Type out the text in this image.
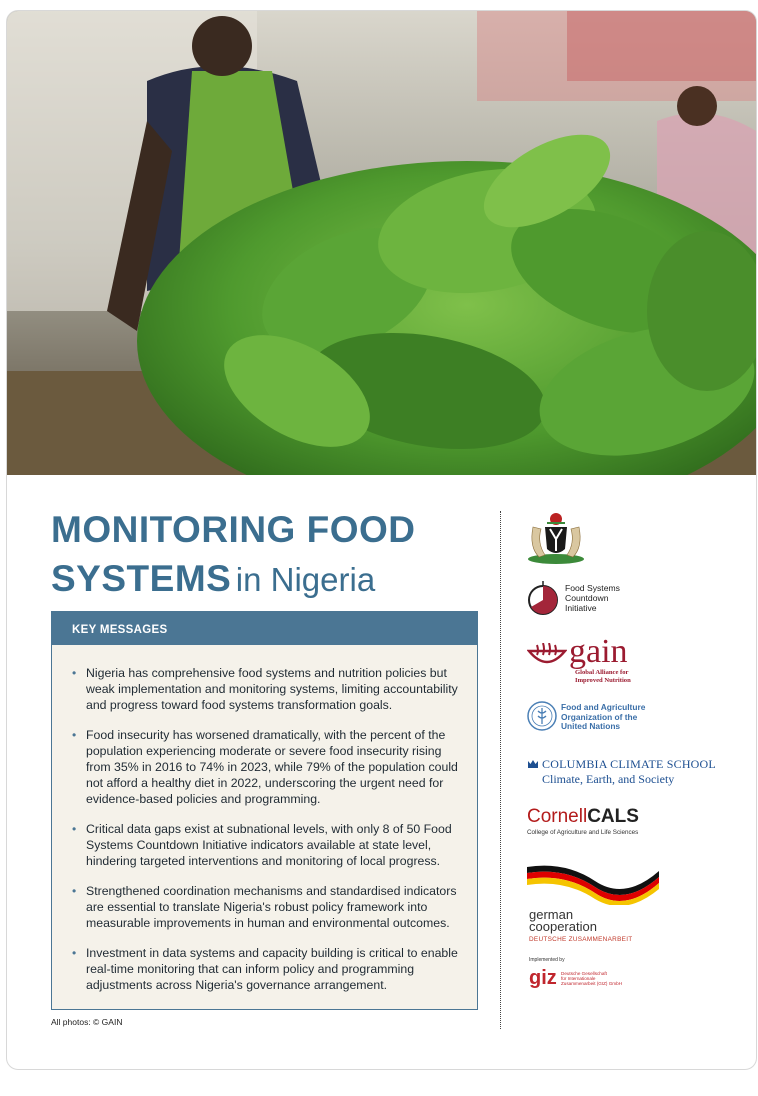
MONITORING FOOD
SYSTEMS in Nigeria
KEY MESSAGES
• Nigeria has comprehensive food systems and nutrition policies but weak implementation and monitoring systems, limiting accountability and progress toward food systems transformation goals.
• Food insecurity has worsened dramatically, with the percent of the population experiencing moderate or severe food insecurity rising from 35% in 2016 to 74% in 2023, while 79% of the population could not afford a healthy diet in 2022, underscoring the urgent need for evidence-based policies and programming.
• Critical data gaps exist at subnational levels, with only 8 of 50 Food Systems Countdown Initiative indicators available at state level, hindering targeted interventions and monitoring of local progress.
• Strengthened coordination mechanisms and standardised indicators are essential to translate Nigeria's robust policy framework into measurable improvements in human and environmental outcomes.
• Investment in data systems and capacity building is critical to enable real-time monitoring that can inform policy and programming adjustments across Nigeria's governance arrangement.
All photos: © GAIN
Food Systems
Countdown
Initiative
gain
Global Alliance for
Improved Nutrition
Food and Agriculture
Organization of the
United Nations
COLUMBIA CLIMATE SCHOOL
Climate, Earth, and Society
CornellCALS
College of Agriculture and Life Sciences
german
cooperation
DEUTSCHE ZUSAMMENARBEIT
Implemented by
giz Deutsche Gesellschaft
für Internationale
Zusammenarbeit (GIZ) GmbH
